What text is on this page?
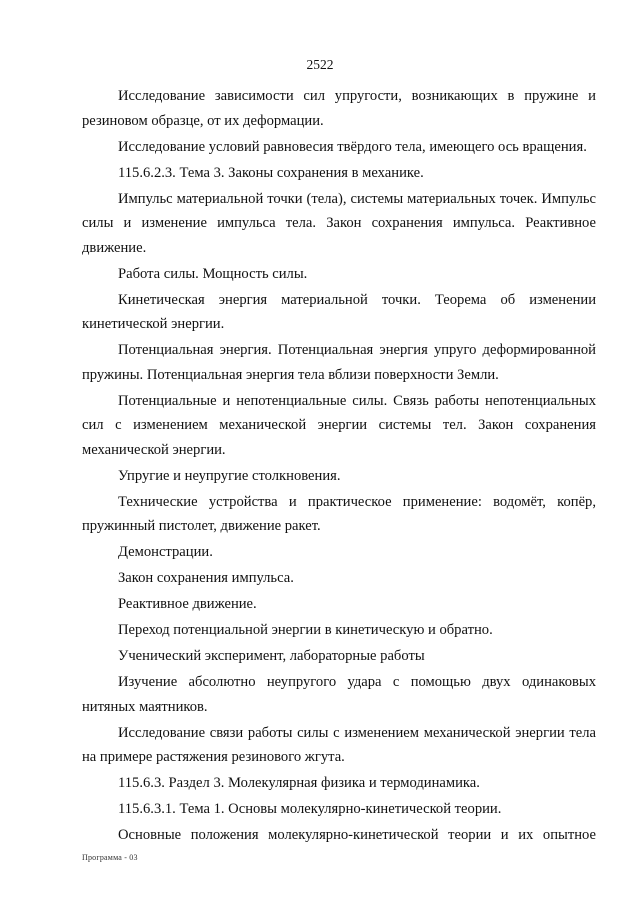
2522

Исследование зависимости сил упругости, возникающих в пружине и резиновом образце, от их деформации.

Исследование условий равновесия твёрдого тела, имеющего ось вращения.

115.6.2.3. Тема 3. Законы сохранения в механике.

Импульс материальной точки (тела), системы материальных точек. Импульс силы и изменение импульса тела. Закон сохранения импульса. Реактивное движение.

Работа силы. Мощность силы.

Кинетическая энергия материальной точки. Теорема об изменении кинетической энергии.

Потенциальная энергия. Потенциальная энергия упруго деформированной пружины. Потенциальная энергия тела вблизи поверхности Земли.

Потенциальные и непотенциальные силы. Связь работы непотенциальных сил с изменением механической энергии системы тел. Закон сохранения механической энергии.

Упругие и неупругие столкновения.

Технические устройства и практическое применение: водомёт, копёр, пружинный пистолет, движение ракет.

Демонстрации.

Закон сохранения импульса.

Реактивное движение.

Переход потенциальной энергии в кинетическую и обратно.

Ученический эксперимент, лабораторные работы

Изучение абсолютно неупругого удара с помощью двух одинаковых нитяных маятников.

Исследование связи работы силы с изменением механической энергии тела на примере растяжения резинового жгута.

115.6.3. Раздел 3. Молекулярная физика и термодинамика.

115.6.3.1. Тема 1. Основы молекулярно-кинетической теории.

Основные положения молекулярно-кинетической теории и их опытное

Программа - 03
